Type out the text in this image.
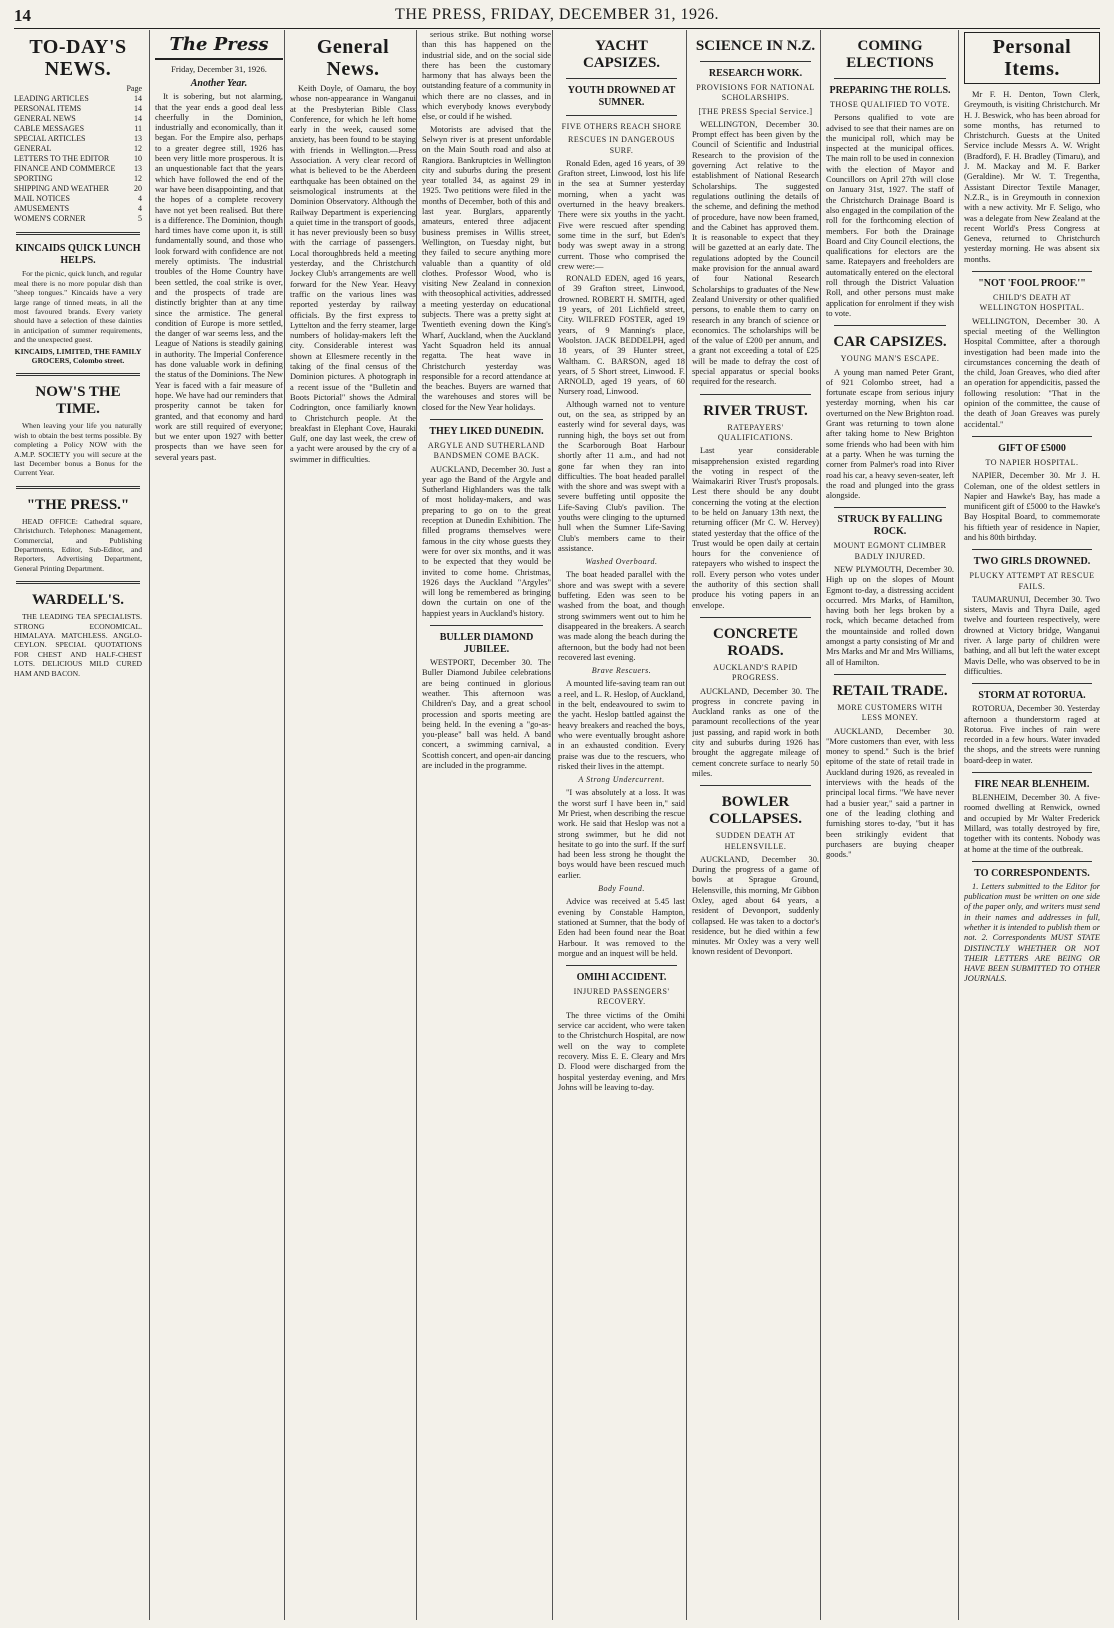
14	THE PRESS, FRIDAY, DECEMBER 31, 1926.
TO-DAY'S NEWS.
Page
LEADING ARTICLES	14
PERSONAL ITEMS	14
GENERAL NEWS	14
CABLE MESSAGES	11
SPECIAL ARTICLES	13
GENERAL	12
LETTERS TO THE EDITOR	10
FINANCE AND COMMERCE 13
SPORTING	12
SHIPPING AND WEATHER	20
MAIL NOTICES	4
AMUSEMENTS	4
WOMEN'S CORNER	5
KINCAIDS QUICK LUNCH HELPS.

For the picnic, quick lunch, and regular meal there is no more popular dish than "sheep tongues." Kincaids have a very large range of tinned meats, in all the most favoured brands. Every variety should have a selection of these dainties in anticipation of summer requirements, and the unexpected guest.

KINCAIDS, LIMITED, THE FAMILY GROCERS, Colombo street.

NOW'S THE TIME.

When leaving your life you naturally wish to obtain the best terms possible. By completing a Policy NOW with the A.M.P. SOCIETY you will secure at the last December bonus a Bonus for the Current Year.

"THE PRESS."

HEAD OFFICE: Cathedral square, Christchurch. Telephones: Management, Commercial, and Publishing Departments, Editor, Sub-Editor, and Reporters, Advertising Department, General Printing Department.

WARDELL'S.

THE LEADING TEA SPECIALISTS. STRONG ECONOMICAL. HIMALAYA. MATCHLESS. ANGLO-CEYLON. SPECIAL QUOTATIONS FOR CHEST AND HALF-CHEST LOTS. DELICIOUS MILD CURED HAM AND BACON.

The Press

Friday, December 31, 1926.

Another Year.

It is sobering, but not alarming, that the year ends a good deal less cheerfully in the Dominion, industrially and economically, than it began. For the Empire also, perhaps to a greater degree still, 1926 has been very little more prosperous. It is an unquestionable fact that the years which have followed the end of the war have been disappointing, and that the hopes of a complete recovery have not yet been realised. But there is a difference. The Dominion, though hard times have come upon it, is still fundamentally sound, and those who look forward with confidence are not merely optimists. The industrial troubles of the Home Country have been settled, the coal strike is over, and the prospects of trade are distinctly brighter than at any time since the armistice. The general condition of Europe is more settled, the danger of war seems less, and the League of Nations is steadily gaining in authority. The Imperial Conference has done valuable work in defining the status of the Dominions. The New Year is faced with a fair measure of hope. We have had our reminders that prosperity cannot be taken for granted, and that economy and hard work are still required of everyone; but we enter upon 1927 with better prospects than we have seen for several years past.

General News.

Keith Doyle, of Oamaru, the boy whose non-appearance in Wanganui at the Presbyterian Bible Class Conference, for which he left home early in the week, caused some anxiety, has been found to be staying with friends in Wellington.—Press Association. A very clear record of what is believed to be the Aberdeen earthquake has been obtained on the seismological instruments at the Dominion Observatory. Although the Railway Department is experiencing a quiet time in the transport of goods, it has never previously been so busy with the carriage of passengers. Local thoroughbreds held a meeting yesterday, and the Christchurch Jockey Club's arrangements are well forward for the New Year. Heavy traffic on the various lines was reported yesterday by railway officials. By the first express to Lyttelton and the ferry steamer, large numbers of holiday-makers left the city. Considerable interest was shown at Ellesmere recently in the taking of the final census of the Dominion pictures. A photograph in a recent issue of the "Bulletin and Boots Pictorial" shows the Admiral Codrington, once familiarly known to Christchurch people. At the breakfast in Elephant Cove, Hauraki Gulf, one day last week, the crew of a yacht were aroused by the cry of a swimmer in difficulties.

serious strike. But nothing worse than this has happened on the industrial side, and on the social side there has been the customary harmony that has always been the outstanding feature of a community in which there are no classes, and in which everybody knows everybody else, or could if he wished.

Motorists are advised that the Selwyn river is at present unfordable on the Main South road and also at Rangiora. Bankruptcies in Wellington city and suburbs during the present year totalled 34, as against 29 in 1925. Two petitions were filed in the months of December, both of this and last year. Burglars, apparently amateurs, entered three adjacent business premises in Willis street, Wellington, on Tuesday night, but they failed to secure anything more valuable than a quantity of old clothes. Professor Wood, who is visiting New Zealand in connexion with theosophical activities, addressed a meeting yesterday on educational subjects. There was a pretty sight at Twentieth evening down the King's Wharf, Auckland, when the Auckland Yacht Squadron held its annual regatta. The heat wave in Christchurch yesterday was responsible for a record attendance at the beaches. Buyers are warned that the warehouses and stores will be closed for the New Year holidays.

THEY LIKED DUNEDIN.
ARGYLE AND SUTHERLAND BANDSMEN COME BACK.

AUCKLAND, December 30. Just a year ago the Band of the Argyle and Sutherland Highlanders was the talk of most holiday-makers, and was preparing to go on to the great reception at Dunedin Exhibition. The filled programs themselves were famous in the city whose guests they were for over six months, and it was to be expected that they would be invited to come home. Christmas, 1926 days the Auckland "Argyles" will long be remembered as bringing down the curtain on one of the happiest years in Auckland's history.

BULLER DIAMOND JUBILEE.

WESTPORT, December 30. The Buller Diamond Jubilee celebrations are being continued in glorious weather. This afternoon was Children's Day, and a great school procession and sports meeting are being held. In the evening a "go-as-you-please" ball was held. A band concert, a swimming carnival, a Scottish concert, and open-air dancing are included in the programme.

YACHT CAPSIZES.
YOUTH DROWNED AT SUMNER.
FIVE OTHERS REACH SHORE
RESCUES IN DANGEROUS SURF.

Ronald Eden, aged 16 years, of 39 Grafton street, Linwood, lost his life in the sea at Sumner yesterday morning, when a yacht was overturned in the heavy breakers. There were six youths in the yacht. Five were rescued after spending some time in the surf, but Eden's body was swept away in a strong current. Those who comprised the crew were:—

RONALD EDEN, aged 16 years, of 39 Grafton street, Linwood, drowned. ROBERT H. SMITH, aged 19 years, of 201 Lichfield street, City. WILFRED FOSTER, aged 19 years, of 9 Manning's place, Woolston. JACK BEDDELPH, aged 18 years, of 39 Hunter street, Waltham. C. BARSON, aged 18 years, of 5 Short street, Linwood. F. ARNOLD, aged 19 years, of 60 Nursery road, Linwood.

Although warned not to venture out, on the sea, as stripped by an easterly wind for several days, was running high, the boys set out from the Scarborough Boat Harbour shortly after 11 a.m., and had not gone far when they ran into difficulties. The boat headed parallel with the shore and was swept with a severe buffeting until opposite the Life-Saving Club's pavilion. The youths were clinging to the upturned hull when the Sumner Life-Saving Club's members came to their assistance.

Washed Overboard.

The boat headed parallel with the shore and was swept with a severe buffeting. Eden was seen to be washed from the boat, and though strong swimmers went out to him he disappeared in the breakers. A search was made along the beach during the afternoon, but the body had not been recovered last evening.

Brave Rescuers.

A mounted life-saving team ran out a reel, and L. R. Heslop, of Auckland, in the belt, endeavoured to swim to the yacht. Heslop battled against the heavy breakers and reached the boys, who were eventually brought ashore in an exhausted condition. Every praise was due to the rescuers, who risked their lives in the attempt.

A Strong Undercurrent.

"I was absolutely at a loss. It was the worst surf I have been in," said Mr Priest, when describing the rescue work. He said that Heslop was not a strong swimmer, but he did not hesitate to go into the surf. If the surf had been less strong he thought the boys would have been rescued much earlier.

Body Found.

Advice was received at 5.45 last evening by Constable Hampton, stationed at Sumner, that the body of Eden had been found near the Boat Harbour. It was removed to the morgue and an inquest will be held.

OMIHI ACCIDENT.
INJURED PASSENGERS' RECOVERY.

The three victims of the Omihi service car accident, who were taken to the Christchurch Hospital, are now well on the way to complete recovery. Miss E. E. Cleary and Mrs D. Flood were discharged from the hospital yesterday evening, and Mrs Johns will be leaving to-day.

SCIENCE IN N.Z.
RESEARCH WORK.
PROVISIONS FOR NATIONAL SCHOLARSHIPS.
[THE PRESS Special Service.]

WELLINGTON, December 30. Prompt effect has been given by the Council of Scientific and Industrial Research to the provision of the governing Act relative to the establishment of National Research Scholarships. The suggested regulations outlining the details of the scheme, and defining the method of procedure, have now been framed, and the Cabinet has approved them. It is reasonable to expect that they will be gazetted at an early date. The regulations adopted by the Council make provision for the annual award of four National Research Scholarships to graduates of the New Zealand University or other qualified persons, to enable them to carry on research in any branch of science or economics. The scholarships will be of the value of £200 per annum, and a grant not exceeding a total of £25 will be made to defray the cost of special apparatus or special books required for the research.

RIVER TRUST.
RATEPAYERS' QUALIFICATIONS.

Last year considerable misapprehension existed regarding the voting in respect of the Waimakariri River Trust's proposals. Lest there should be any doubt concerning the voting at the election to be held on January 13th next, the returning officer (Mr C. W. Hervey) stated yesterday that the office of the Trust would be open daily at certain hours for the convenience of ratepayers who wished to inspect the roll. Every person who votes under the authority of this section shall produce his voting papers in an envelope.

CONCRETE ROADS.
AUCKLAND'S RAPID PROGRESS.

AUCKLAND, December 30. The progress in concrete paving in Auckland ranks as one of the paramount recollections of the year just passing, and rapid work in both city and suburbs during 1926 has brought the aggregate mileage of cement concrete surface to nearly 50 miles.

BOWLER COLLAPSES.
SUDDEN DEATH AT HELENSVILLE.

AUCKLAND, December 30. During the progress of a game of bowls at Sprague Ground, Helensville, this morning, Mr Gibbon Oxley, aged about 64 years, a resident of Devonport, suddenly collapsed. He was taken to a doctor's residence, but he died within a few minutes. Mr Oxley was a very well known resident of Devonport.

COMING ELECTIONS
PREPARING THE ROLLS.
THOSE QUALIFIED TO VOTE.

Persons qualified to vote are advised to see that their names are on the municipal roll, which may be inspected at the municipal offices. The main roll to be used in connexion with the election of Mayor and Councillors on April 27th will close on January 31st, 1927. The staff of the Christchurch Drainage Board is also engaged in the compilation of the roll for the forthcoming election of members. For both the Drainage Board and City Council elections, the qualifications for electors are the same. Ratepayers and freeholders are automatically entered on the electoral roll through the District Valuation Roll, and other persons must make application for enrolment if they wish to vote.

CAR CAPSIZES.
YOUNG MAN'S ESCAPE.

A young man named Peter Grant, of 921 Colombo street, had a fortunate escape from serious injury yesterday morning, when his car overturned on the New Brighton road. Grant was returning to town alone after taking home to New Brighton some friends who had been with him at a party. When he was turning the corner from Palmer's road into River road his car, a heavy seven-seater, left the road and plunged into the grass alongside.

STRUCK BY FALLING ROCK.
MOUNT EGMONT CLIMBER BADLY INJURED.

NEW PLYMOUTH, December 30. High up on the slopes of Mount Egmont to-day, a distressing accident occurred. Mrs Marks, of Hamilton, having both her legs broken by a rock, which became detached from the mountainside and rolled down amongst a party consisting of Mr and Mrs Marks and Mr and Mrs Williams, all of Hamilton.

RETAIL TRADE.
MORE CUSTOMERS WITH LESS MONEY.

AUCKLAND, December 30. "More customers than ever, with less money to spend." Such is the brief epitome of the state of retail trade in Auckland during 1926, as revealed in interviews with the heads of the principal local firms. "We have never had a busier year," said a partner in one of the leading clothing and furnishing stores to-day, "but it has been strikingly evident that purchasers are buying cheaper goods."

Personal Items.

Mr F. H. Denton, Town Clerk, Greymouth, is visiting Christchurch. Mr H. J. Beswick, who has been abroad for some months, has returned to Christchurch. Guests at the United Service include Messrs A. W. Wright (Bradford), F. H. Bradley (Timaru), and J. M. Mackay and M. F. Barker (Geraldine). Mr W. T. Tregentha, Assistant Director Textile Manager, N.Z.R., is in Greymouth in connexion with a new activity. Mr F. Seligo, who was a delegate from New Zealand at the recent World's Press Congress at Geneva, returned to Christchurch yesterday morning. He was absent six months.

"NOT 'FOOL PROOF.'"
CHILD'S DEATH AT WELLINGTON HOSPITAL.

WELLINGTON, December 30. A special meeting of the Wellington Hospital Committee, after a thorough investigation had been made into the circumstances concerning the death of the child, Joan Greaves, who died after an operation for appendicitis, passed the following resolution: "That in the opinion of the committee, the cause of the death of Joan Greaves was purely accidental."

GIFT OF £5000
TO NAPIER HOSPITAL.

NAPIER, December 30. Mr J. H. Coleman, one of the oldest settlers in Napier and Hawke's Bay, has made a munificent gift of £5000 to the Hawke's Bay Hospital Board, to commemorate his fiftieth year of residence in Napier, and his 80th birthday.

TWO GIRLS DROWNED.
PLUCKY ATTEMPT AT RESCUE FAILS.

TAUMARUNUI, December 30. Two sisters, Mavis and Thyra Daile, aged twelve and fourteen respectively, were drowned at Victory bridge, Wanganui river. A large party of children were bathing, and all but left the water except Mavis Delle, who was observed to be in difficulties.

STORM AT ROTORUA.

ROTORUA, December 30. Yesterday afternoon a thunderstorm raged at Rotorua. Five inches of rain were recorded in a few hours. Water invaded the shops, and the streets were running board-deep in water.

FIRE NEAR BLENHEIM.

BLENHEIM, December 30. A five-roomed dwelling at Renwick, owned and occupied by Mr Walter Frederick Millard, was totally destroyed by fire, together with its contents. Nobody was at home at the time of the outbreak.

TO CORRESPONDENTS.

1. Letters submitted to the Editor for publication must be written on one side of the paper only, and writers must send in their names and addresses in full, whether it is intended to publish them or not. 2. Correspondents MUST STATE DISTINCTLY WHETHER OR NOT THEIR LETTERS ARE BEING OR HAVE BEEN SUBMITTED TO OTHER JOURNALS.
